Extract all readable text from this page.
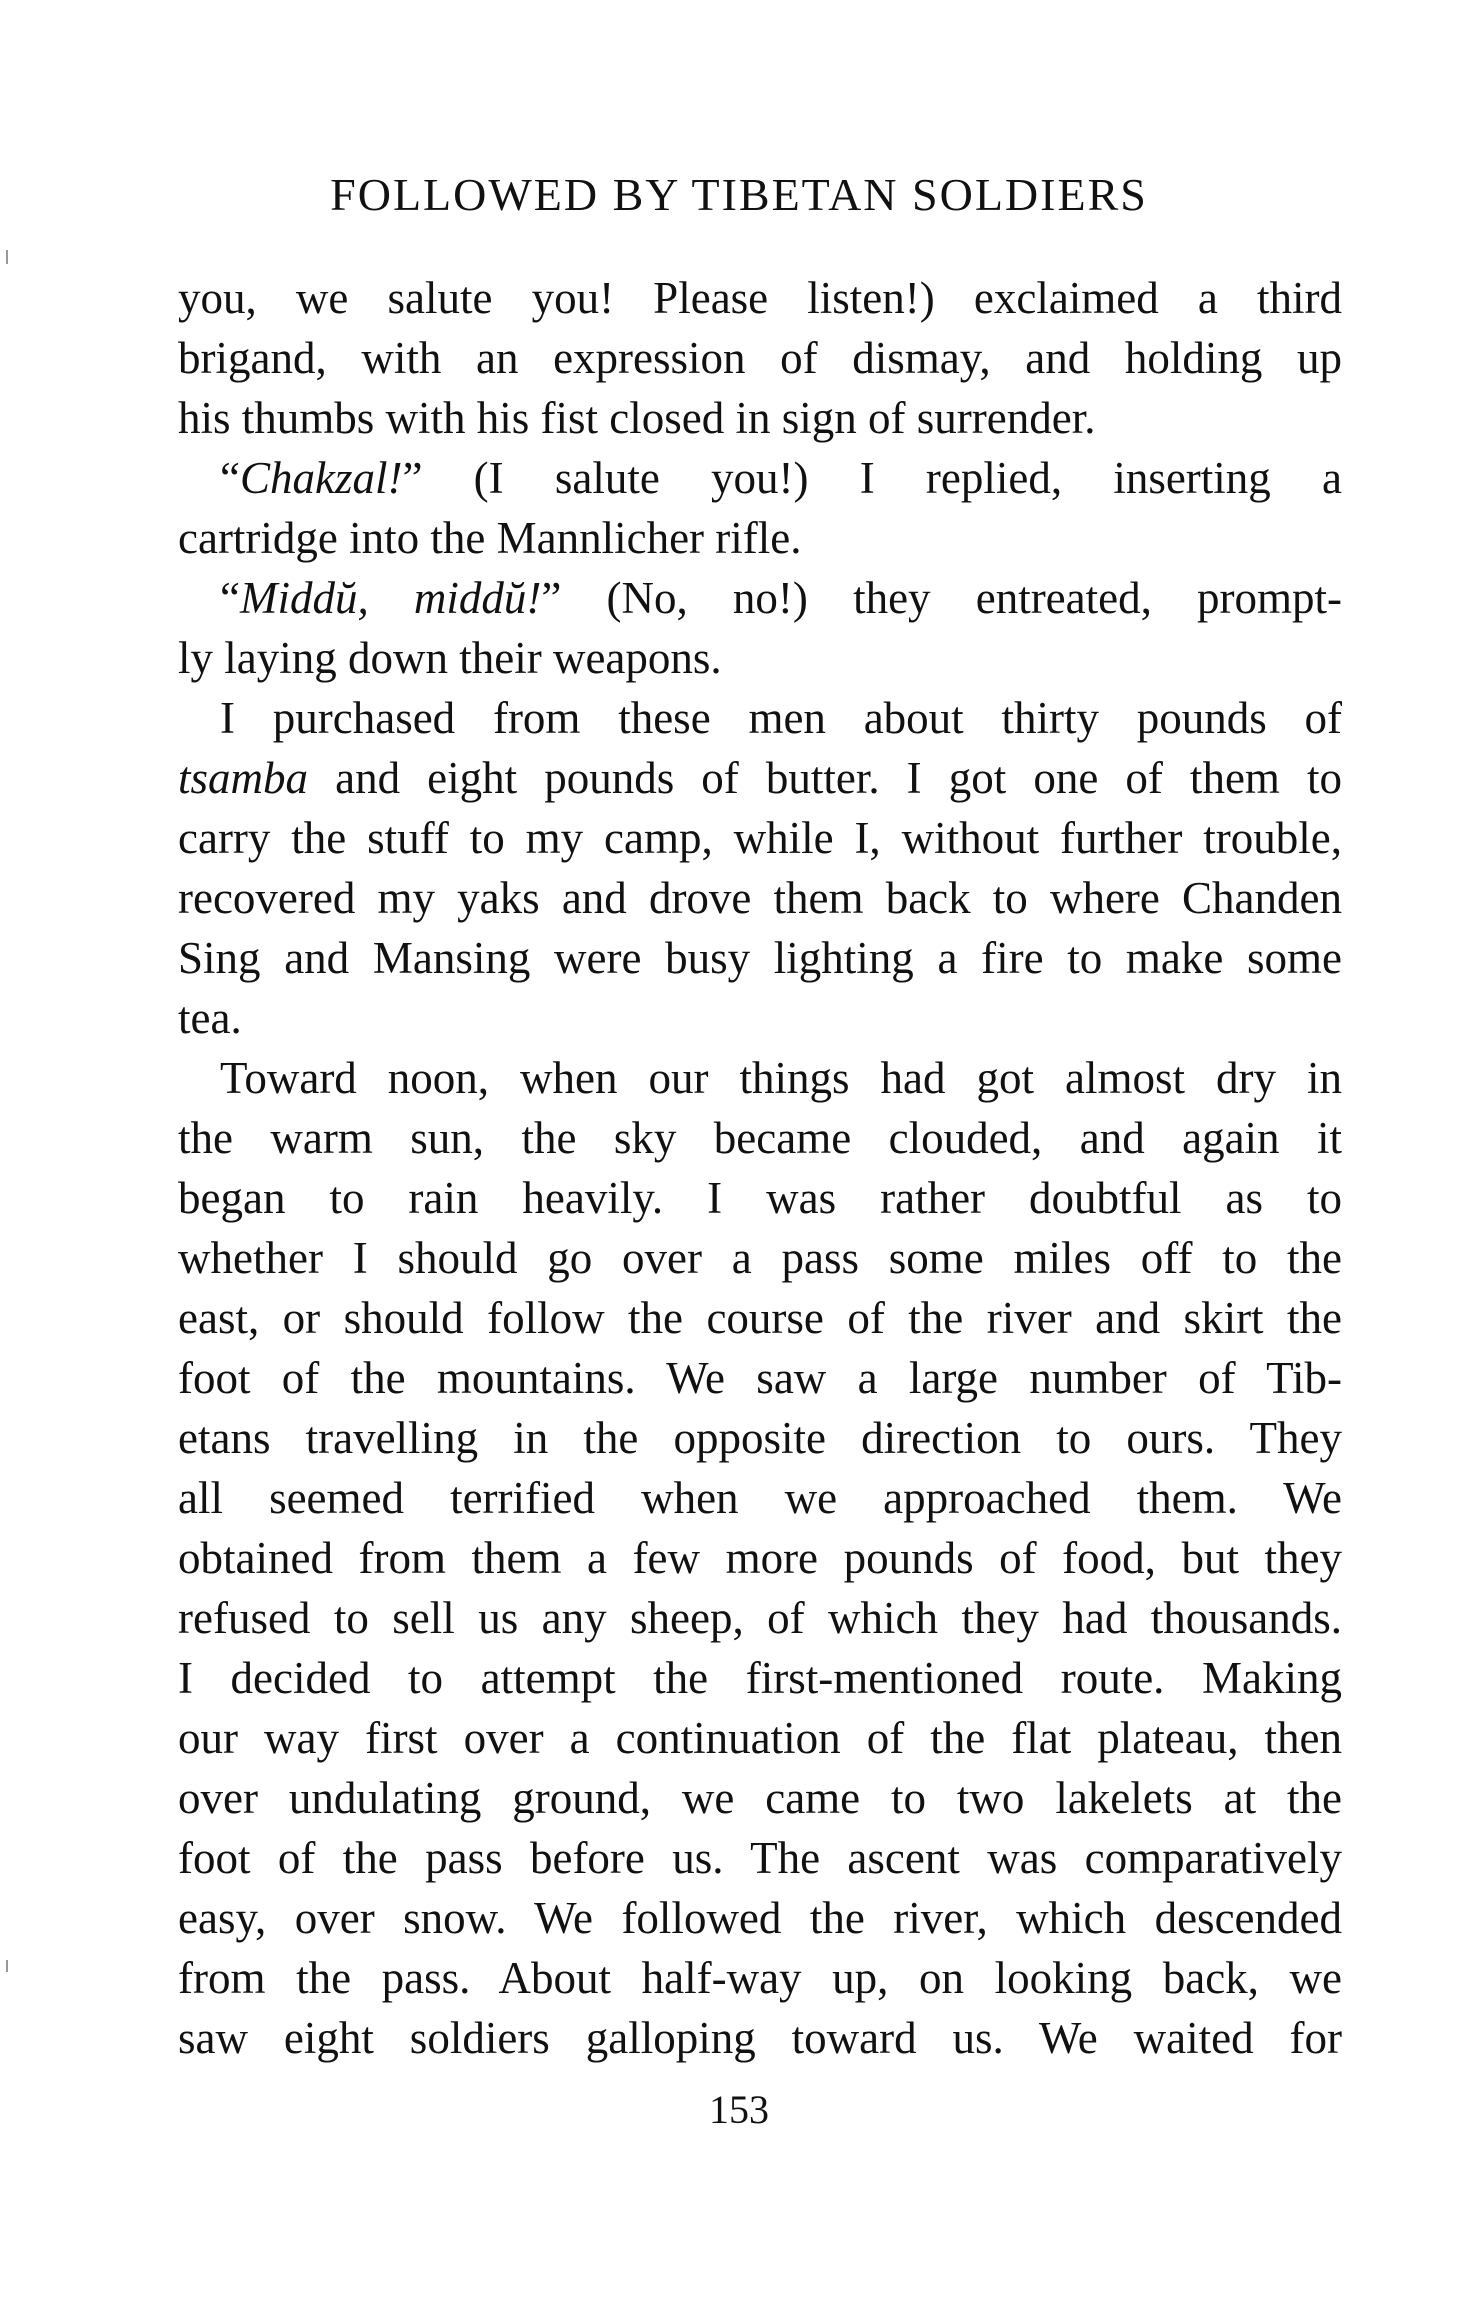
FOLLOWED BY TIBETAN SOLDIERS
you, we salute you! Please listen!) exclaimed a third
brigand, with an expression of dismay, and holding up
his thumbs with his fist closed in sign of surrender.
“Chakzal!” (I salute you!) I replied, inserting a
cartridge into the Mannlicher rifle.
“Middŭ, middŭ!” (No, no!) they entreated, prompt-
ly laying down their weapons.
I purchased from these men about thirty pounds of
tsamba and eight pounds of butter. I got one of them to
carry the stuff to my camp, while I, without further trouble,
recovered my yaks and drove them back to where Chanden
Sing and Mansing were busy lighting a fire to make some
tea.
Toward noon, when our things had got almost dry in
the warm sun, the sky became clouded, and again it
began to rain heavily. I was rather doubtful as to
whether I should go over a pass some miles off to the
east, or should follow the course of the river and skirt the
foot of the mountains. We saw a large number of Tib-
etans travelling in the opposite direction to ours. They
all seemed terrified when we approached them. We
obtained from them a few more pounds of food, but they
refused to sell us any sheep, of which they had thousands.
I decided to attempt the first-mentioned route. Making
our way first over a continuation of the flat plateau, then
over undulating ground, we came to two lakelets at the
foot of the pass before us. The ascent was comparatively
easy, over snow. We followed the river, which descended
from the pass. About half-way up, on looking back, we
saw eight soldiers galloping toward us. We waited for
153
